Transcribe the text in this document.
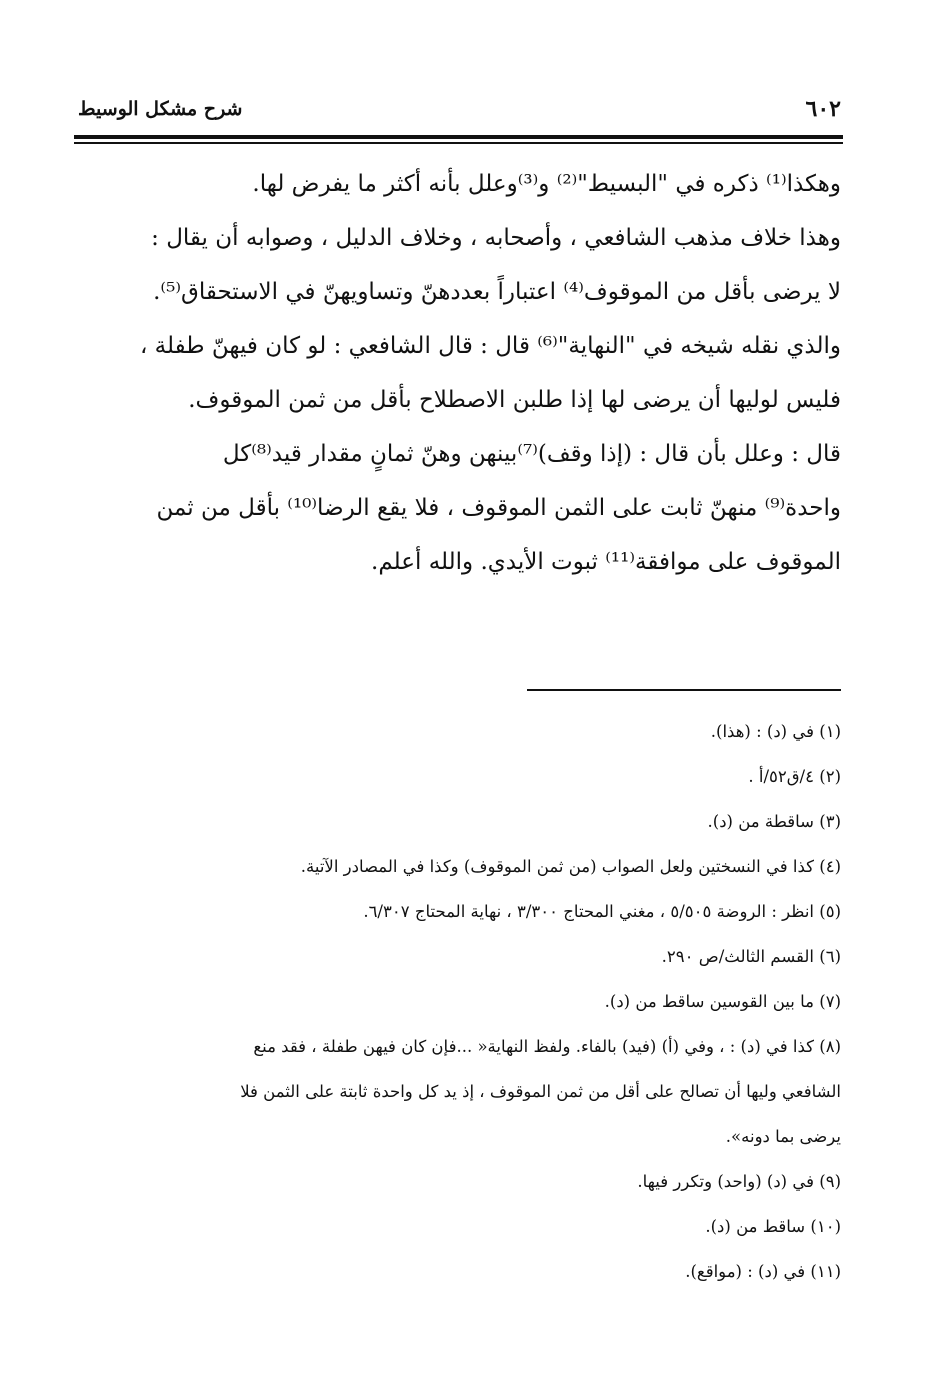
٦٠٢
شرح مشكل الوسيط
وهكذا⁽¹⁾ ذكره في "البسيط"⁽²⁾ و⁽³⁾وعلل بأنه أكثر ما يفرض لها.
وهذا خلاف مذهب الشافعي ، وأصحابه ، وخلاف الدليل ، وصوابه أن يقال :
لا يرضى بأقل من الموقوف⁽⁴⁾ اعتباراً بعددهنّ وتساويهنّ في الاستحقاق⁽⁵⁾.
والذي نقله شيخه في "النهاية"⁽⁶⁾ قال : قال الشافعي : لو كان فيهنّ طفلة ،
فليس لوليها أن يرضى لها إذا طلبن الاصطلاح بأقل من ثمن الموقوف.
قال : وعلل بأن قال : (إذا وقف)⁽⁷⁾بينهن وهنّ ثمانٍ مقدار قيد⁽⁸⁾كل
واحدة⁽⁹⁾ منهنّ ثابت على الثمن الموقوف ، فلا يقع الرضا⁽¹⁰⁾ بأقل من ثمن
الموقوف على موافقة⁽¹¹⁾ ثبوت الأيدي. والله أعلم.
(١) في (د) : (هذا).
(٢) ٤/ق٥٢/أ .
(٣) ساقطة من (د).
(٤) كذا في النسختين ولعل الصواب (من ثمن الموقوف) وكذا في المصادر الآتية.
(٥) انظر : الروضة ٥/٥٠٥ ، مغني المحتاج ٣/٣٠٠ ، نهاية المحتاج ٦/٣٠٧.
(٦) القسم الثالث/ص ٢٩٠.
(٧) ما بين القوسين ساقط من (د).
(٨) كذا في (د) : ، وفي (أ) (فيد) بالفاء. ولفظ النهاية« ...فإن كان فيهن طفلة ، فقد منع
الشافعي وليها أن تصالح على أقل من ثمن الموقوف ، إذ يد كل واحدة ثابتة على الثمن فلا
يرضى بما دونه».
(٩) في (د) (واحد) وتكرر فيها.
(١٠) ساقط من (د).
(١١) في (د) : (مواقع).
